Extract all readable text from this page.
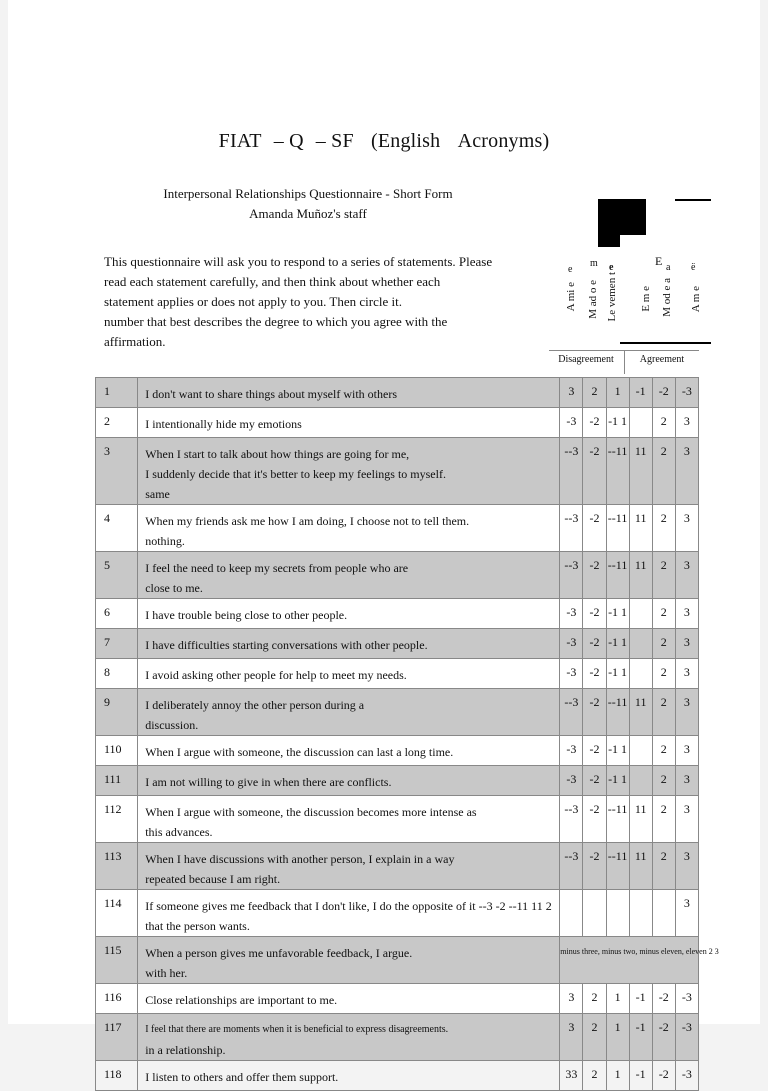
FIAT – Q – SF (English Acronyms)
Interpersonal Relationships Questionnaire - Short Form
Amanda Muñoz's staff
This questionnaire will ask you to respond to a series of statements. Please
read each statement carefully, and then think about whether each
statement applies or does not apply to you. Then circle it.
number that best describes the degree to which you agree with the
affirmation.
A mi e M ad o e Le vemen t E m e M od e a A m e
e
m e	ë
E a
Disagreement	Agreement
1	I don't want to share things about myself with others	3	2	1	-1	-2	-3
2	I intentionally hide my emotions	-3	-2	-1 1		2	3
3	When I start to talk about how things are going for me,
I suddenly decide that it's better to keep my feelings to myself.
same	--3	-2	--11	11	2	3
4	When my friends ask me how I am doing, I choose not to tell them.
nothing.	--3	-2	--11	11	2	3
5	I feel the need to keep my secrets from people who are
close to me.	--3	-2	--11	11	2	3
6	I have trouble being close to other people.	-3	-2	-1 1		2	3
7	I have difficulties starting conversations with other people.	-3	-2	-1 1		2	3
8	I avoid asking other people for help to meet my needs.	-3	-2	-1 1		2	3
9	I deliberately annoy the other person during a
discussion.	--3	-2	--11	11	2	3
110	When I argue with someone, the discussion can last a long time.	-3	-2	-1 1		2	3
111	I am not willing to give in when there are conflicts.	-3	-2	-1 1		2	3
112	When I argue with someone, the discussion becomes more intense as
this advances.	--3	-2	--11	11	2	3
113	When I have discussions with another person, I explain in a way
repeated because I am right.	--3	-2	--11	11	2	3
114	If someone gives me feedback that I don't like, I do the opposite of it --3 -2 --11 11 2
that the person wants.						3
115	When a person gives me unfavorable feedback, I argue.
with her.	minus three, minus two, minus eleven, eleven 2 3					
116	Close relationships are important to me.	3	2	1	-1	-2	-3
117	I feel that there are moments when it is beneficial to express disagreements.
in a relationship.	3	2	1	-1	-2	-3
118	I listen to others and offer them support.	33	2	1	-1	-2	-3
